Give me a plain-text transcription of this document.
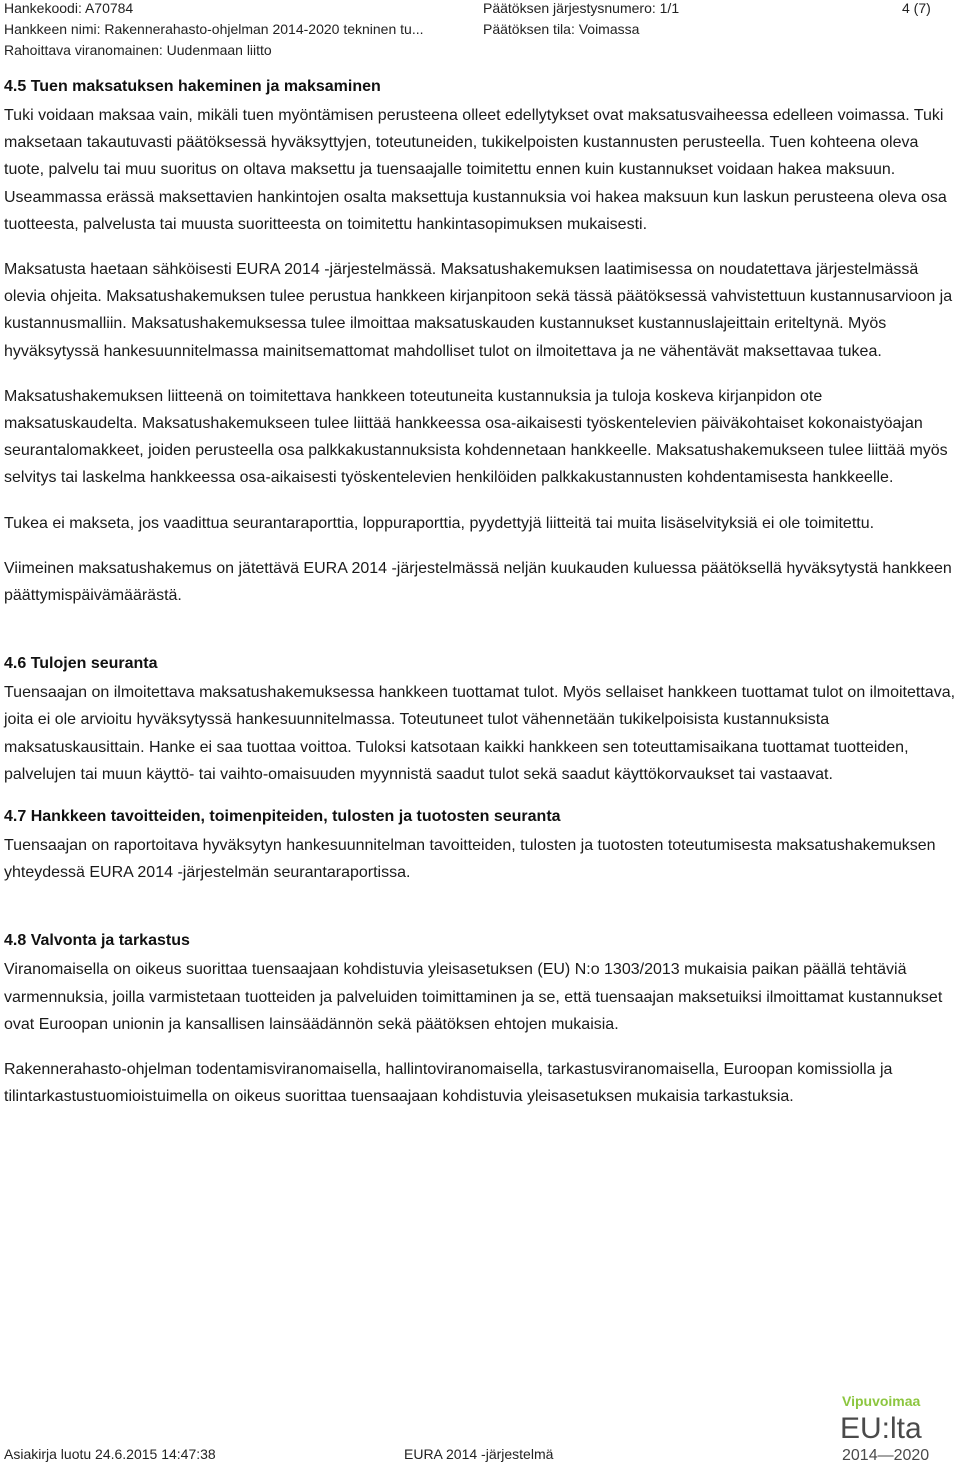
Hankekoodi: A70784
Hankkeen nimi: Rakennerahasto-ohjelman 2014-2020 tekninen tu...
Rahoittava viranomainen: Uudenmaan liitto
Päätöksen järjestysnumero: 1/1
Päätöksen tila: Voimassa
4 (7)
4.5 Tuen maksatuksen hakeminen ja maksaminen

Tuki voidaan maksaa vain, mikäli tuen myöntämisen perusteena olleet edellytykset ovat maksatusvaiheessa edelleen voimassa. Tuki maksetaan takautuvasti päätöksessä hyväksyttyjen, toteutuneiden, tukikelpoisten kustannusten perusteella. Tuen kohteena oleva tuote, palvelu tai muu suoritus on oltava maksettu ja tuensaajalle toimitettu ennen kuin kustannukset voidaan hakea maksuun. Useammassa erässä maksettavien hankintojen osalta maksettuja kustannuksia voi hakea maksuun kun laskun perusteena oleva osa tuotteesta, palvelusta tai muusta suoritteesta on toimitettu hankintasopimuksen mukaisesti.

Maksatusta haetaan sähköisesti EURA 2014 -järjestelmässä. Maksatushakemuksen laatimisessa on noudatettava järjestelmässä olevia ohjeita. Maksatushakemuksen tulee perustua hankkeen kirjanpitoon sekä tässä päätöksessä vahvistettuun kustannusarvioon ja kustannusmalliin. Maksatushakemuksessa tulee ilmoittaa maksatuskauden kustannukset kustannuslajeittain eriteltynä. Myös hyväksytyssä hankesuunnitelmassa mainitsemattomat mahdolliset tulot on ilmoitettava ja ne vähentävät maksettavaa tukea.

Maksatushakemuksen liitteenä on toimitettava hankkeen toteutuneita kustannuksia ja tuloja koskeva kirjanpidon ote maksatuskaudelta. Maksatushakemukseen tulee liittää hankkeessa osa-aikaisesti työskentelevien päiväkohtaiset kokonaistyöajan seurantalomakkeet, joiden perusteella osa palkkakustannuksista kohdennetaan hankkeelle. Maksatushakemukseen tulee liittää myös selvitys tai laskelma hankkeessa osa-aikaisesti työskentelevien henkilöiden palkkakustannusten kohdentamisesta hankkeelle.

Tukea ei makseta, jos vaadittua seurantaraporttia, loppuraporttia, pyydettyjä liitteitä tai muita lisäselvityksiä ei ole toimitettu.

Viimeinen maksatushakemus on jätettävä EURA 2014 -järjestelmässä neljän kuukauden kuluessa päätöksellä hyväksytystä hankkeen päättymispäivämäärästä.

4.6 Tulojen seuranta

Tuensaajan on ilmoitettava maksatushakemuksessa hankkeen tuottamat tulot. Myös sellaiset hankkeen tuottamat tulot on ilmoitettava, joita ei ole arvioitu hyväksytyssä hankesuunnitelmassa. Toteutuneet tulot vähennetään tukikelpoisista kustannuksista maksatuskausittain. Hanke ei saa tuottaa voittoa. Tuloksi katsotaan kaikki hankkeen sen toteuttamisaikana tuottamat tuotteiden, palvelujen tai muun käyttö- tai vaihto-omaisuuden myynnistä saadut tulot sekä saadut käyttökorvaukset tai vastaavat.

4.7 Hankkeen tavoitteiden, toimenpiteiden, tulosten ja tuotosten seuranta

Tuensaajan on raportoitava hyväksytyn hankesuunnitelman tavoitteiden, tulosten ja tuotosten toteutumisesta maksatushakemuksen yhteydessä EURA 2014 -järjestelmän seurantaraportissa.

4.8 Valvonta ja tarkastus

Viranomaisella on oikeus suorittaa tuensaajaan kohdistuvia yleisasetuksen (EU) N:o 1303/2013 mukaisia paikan päällä tehtäviä varmennuksia, joilla varmistetaan tuotteiden ja palveluiden toimittaminen ja se, että tuensaajan maksetuiksi ilmoittamat kustannukset ovat Euroopan unionin ja kansallisen lainsäädännön sekä päätöksen ehtojen mukaisia.

Rakennerahasto-ohjelman todentamisviranomaisella, hallintoviranomaisella, tarkastusviranomaisella, Euroopan komissiolla ja tilintarkastustuomioistuimella on oikeus suorittaa tuensaajaan kohdistuvia yleisasetuksen mukaisia tarkastuksia.

Asiakirja luotu 24.6.2015 14:47:38	EURA 2014 -järjestelmä
Vipuvoimaa
EU:lta
2014—2020
